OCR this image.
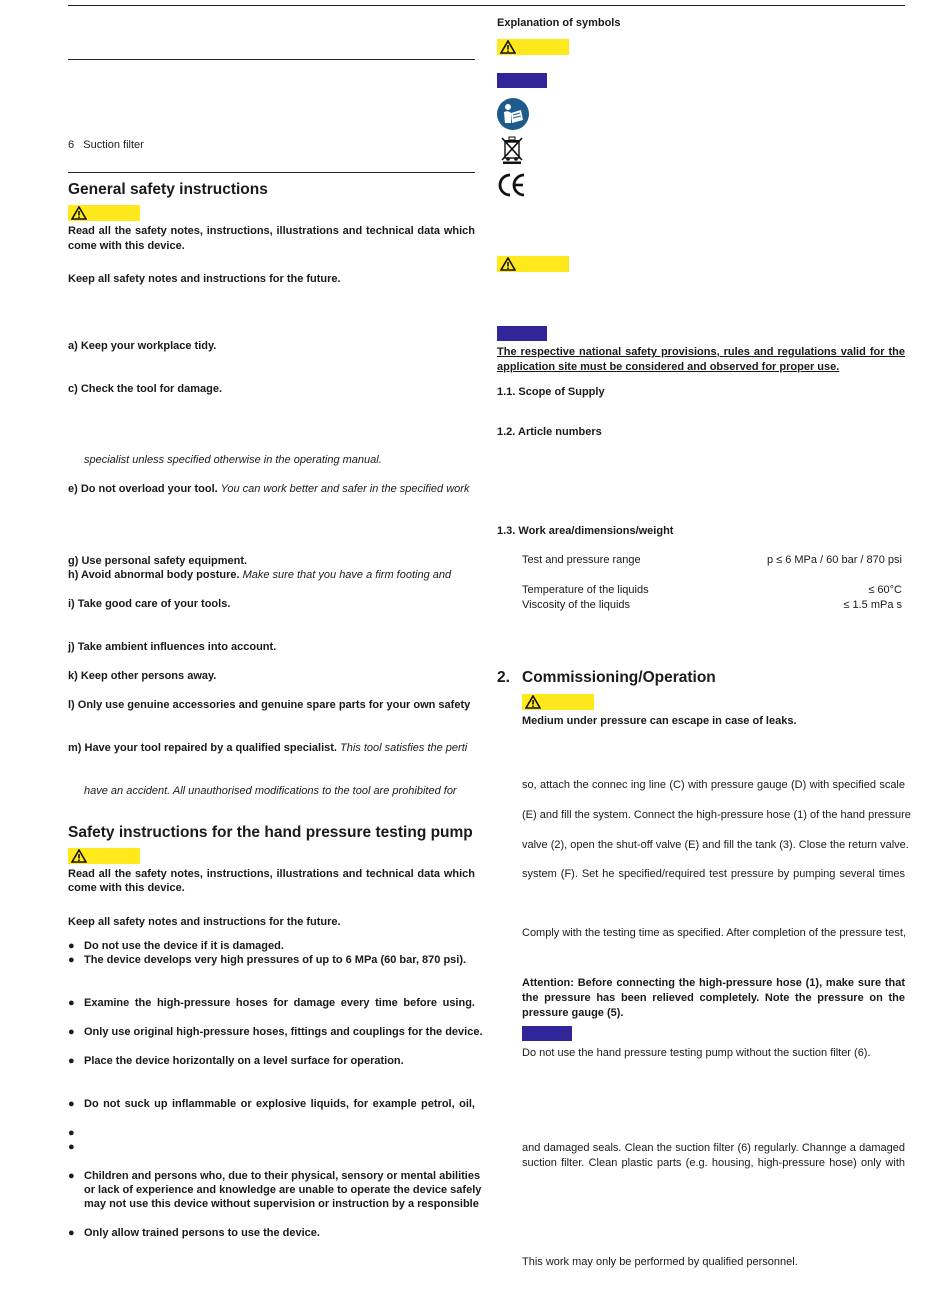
6 Suction filter
General safety instructions
Read all the safety notes, instructions, illustrations and technical data which
come with this device.
Keep all safety notes and instructions for the future.
a) Keep your workplace tidy.
c) Check the tool for damage.
specialist unless specified otherwise in the operating manual.
e) Do not overload your tool. You can work better and safer in the specified work
g) Use personal safety equipment.
h) Avoid abnormal body posture. Make sure that you have a firm footing and
i) Take good care of your tools.
j) Take ambient influences into account.
k) Keep other persons away.
l) Only use genuine accessories and genuine spare parts for your own safety
m) Have your tool repaired by a qualified specialist. This tool satisfies the perti
have an accident. All unauthorised modifications to the tool are prohibited for
Safety instructions for the hand pressure testing pump
Read all the safety notes, instructions, illustrations and technical data which
come with this device.
Keep all safety notes and instructions for the future.
● Do not use the device if it is damaged.
● The device develops very high pressures of up to 6 MPa (60 bar, 870 psi).
● Examine the high-pressure hoses for damage every time before using.
● Only use original high-pressure hoses, fittings and couplings for the device.
● Place the device horizontally on a level surface for operation.
● Do not suck up inflammable or explosive liquids, for example petrol, oil,
●
●
● Children and persons who, due to their physical, sensory or mental abilities
or lack of experience and knowledge are unable to operate the device safely
may not use this device without supervision or instruction by a responsible
● Only allow trained persons to use the device.
Explanation of symbols
The respective national safety provisions, rules and regulations valid for the
application site must be considered and observed for proper use.
1.1. Scope of Supply
1.2. Article numbers
1.3. Work area/dimensions/weight
Test and pressure range	p ≤ 6 MPa / 60 bar / 870 psi
Temperature of the liquids	≤ 60°C
Viscosity of the liquids	≤ 1.5 mPa s
2. Commissioning/Operation
Medium under pressure can escape in case of leaks.
so, attach the connec ing line (C) with pressure gauge (D) with specified scale
(E) and fill the system. Connect the high-pressure hose (1) of the hand pressure
valve (2), open the shut-off valve (E) and fill the tank (3). Close the return valve.
system (F). Set he specified/required test pressure by pumping several times
Comply with the testing time as specified. After completion of the pressure test,
Attention: Before connecting the high-pressure hose (1), make sure that
the pressure has been relieved completely. Note the pressure on the
pressure gauge (5).
Do not use the hand pressure testing pump without the suction filter (6).
and damaged seals. Clean the suction filter (6) regularly. Channge a damaged
suction filter. Clean plastic parts (e.g. housing, high-pressure hose) only with
This work may only be performed by qualified personnel.
